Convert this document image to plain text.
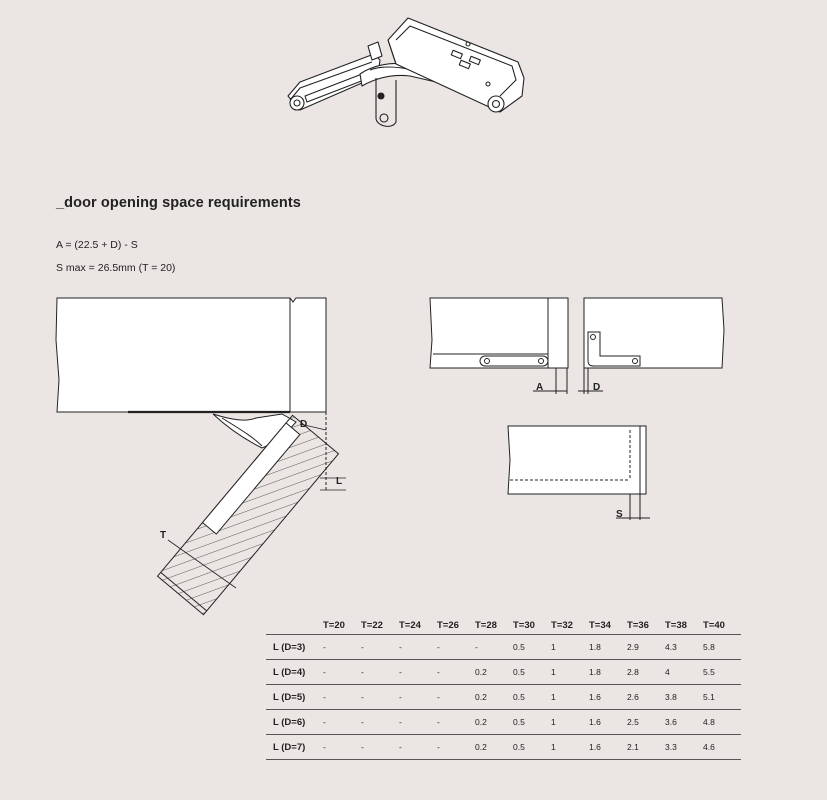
_door opening space requirements
A = (22.5 + D) - S
S max = 26.5mm (T = 20)
D
L
T
A	D
S
	T=20	T=22	T=24	T=26	T=28	T=30	T=32	T=34	T=36	T=38	T=40
L (D=3)	-	-	-	-	-	0.5	1	1.8	2.9	4.3	5.8
L (D=4)	-	-	-	-	0.2	0.5	1	1.8	2.8	4	5.5
L (D=5)	-	-	-	-	0.2	0.5	1	1.6	2.6	3.8	5.1
L (D=6)	-	-	-	-	0.2	0.5	1	1.6	2.5	3.6	4.8
L (D=7)	-	-	-	-	0.2	0.5	1	1.6	2.1	3.3	4.6
